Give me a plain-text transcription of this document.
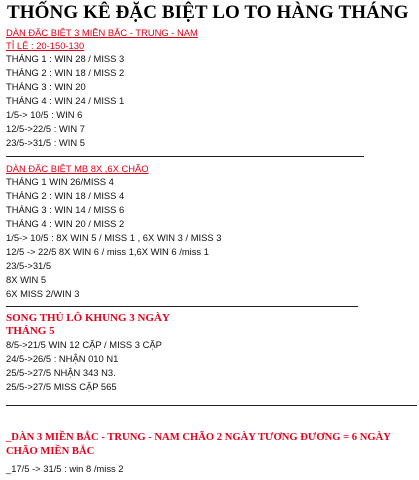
THỐNG KÊ ĐẶC BIỆT LO TO HÀNG THÁNG
DÀN ĐẶC BIỆT 3 MIỀN BẮC - TRUNG - NAM
TỈ LỆ : 20-150-130
THÁNG 1 : WIN 28 / MISS 3
THÁNG 2 : WIN 18 / MISS 2
THÁNG 3 : WIN 20
THÁNG 4 : WIN 24 / MISS 1
1/5-> 10/5 : WIN 6
12/5->22/5 : WIN 7
23/5->31/5 : WIN 5
DÀN ĐẶC BIỆT MB 8X ,6X CHÃO
THÁNG 1 WIN 26/MISS 4
THÁNG 2 : WIN 18 / MISS 4
THÁNG 3 : WIN 14 / MISS 6
THÁNG 4 : WIN 20 / MISS 2
1/5-> 10/5 : 8X WIN 5 / MISS 1 , 6X WIN 3 / MISS 3
12/5 -> 22/5 8X WIN 6 / miss 1,6X WIN 6 /miss 1
23/5->31/5
8X WIN 5
6X MISS 2/WIN 3
SONG THỦ LÔ KHUNG 3 NGÀY
THÁNG 5
8/5->21/5 WIN 12 CẶP / MISS 3 CẶP
24/5->26/5 : NHẬN 010 N1
25/5->27/5 NHẬN 343 N3.
25/5->27/5 MISS CẶP 565
_DÀN 3 MIỀN BẮC - TRUNG - NAM CHÃO 2 NGÀY TƯƠNG ĐƯƠNG = 6 NGÀY
CHÃO MIỀN BẮC
_17/5 -> 31/5 : win 8 /miss 2
